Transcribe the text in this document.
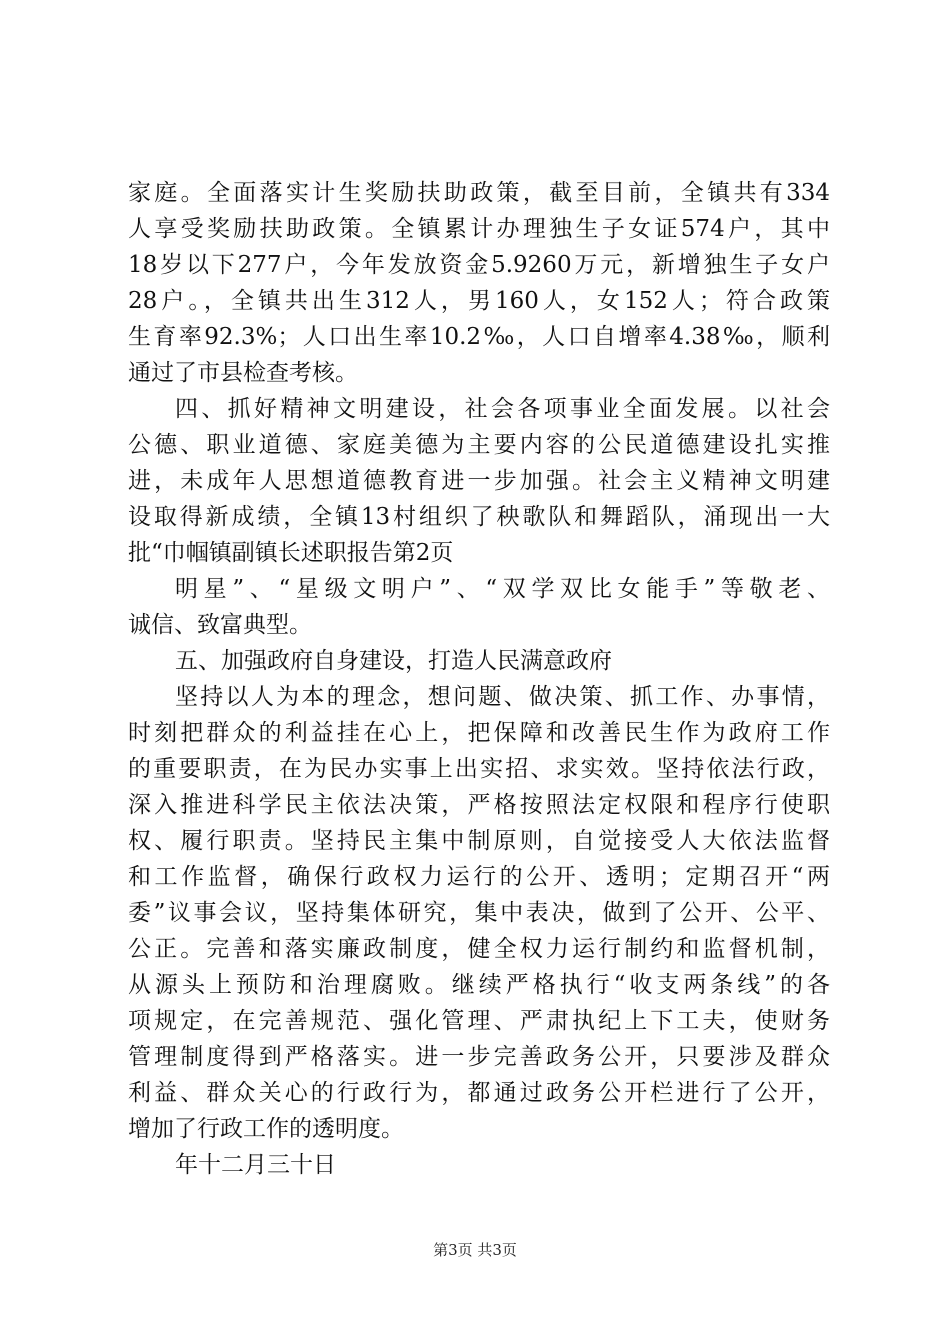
家庭。全面落实计生奖励扶助政策，截至目前，全镇共有334
人享受奖励扶助政策。全镇累计办理独生子女证574户，其中
18岁以下277户，今年发放资金5.9260万元，新增独生子女户
28户。，全镇共出生312人，男160人，女152人；符合政策
生育率92.3%；人口出生率10.2‰，人口自增率4.38‰，顺利
通过了市县检查考核。
四、抓好精神文明建设，社会各项事业全面发展。以社会
公德、职业道德、家庭美德为主要内容的公民道德建设扎实推
进，未成年人思想道德教育进一步加强。社会主义精神文明建
设取得新成绩，全镇13村组织了秧歌队和舞蹈队，涌现出一大
批“巾帼镇副镇长述职报告第2页
明星”、“星级文明户”、“双学双比女能手”等敬老、
诚信、致富典型。
五、加强政府自身建设，打造人民满意政府
坚持以人为本的理念，想问题、做决策、抓工作、办事情，
时刻把群众的利益挂在心上，把保障和改善民生作为政府工作
的重要职责，在为民办实事上出实招、求实效。坚持依法行政，
深入推进科学民主依法决策，严格按照法定权限和程序行使职
权、履行职责。坚持民主集中制原则，自觉接受人大依法监督
和工作监督，确保行政权力运行的公开、透明；定期召开“两
委”议事会议，坚持集体研究，集中表决，做到了公开、公平、
公正。完善和落实廉政制度，健全权力运行制约和监督机制，
从源头上预防和治理腐败。继续严格执行“收支两条线”的各
项规定，在完善规范、强化管理、严肃执纪上下工夫，使财务
管理制度得到严格落实。进一步完善政务公开，只要涉及群众
利益、群众关心的行政行为，都通过政务公开栏进行了公开，
增加了行政工作的透明度。
年十二月三十日
第3页 共3页
